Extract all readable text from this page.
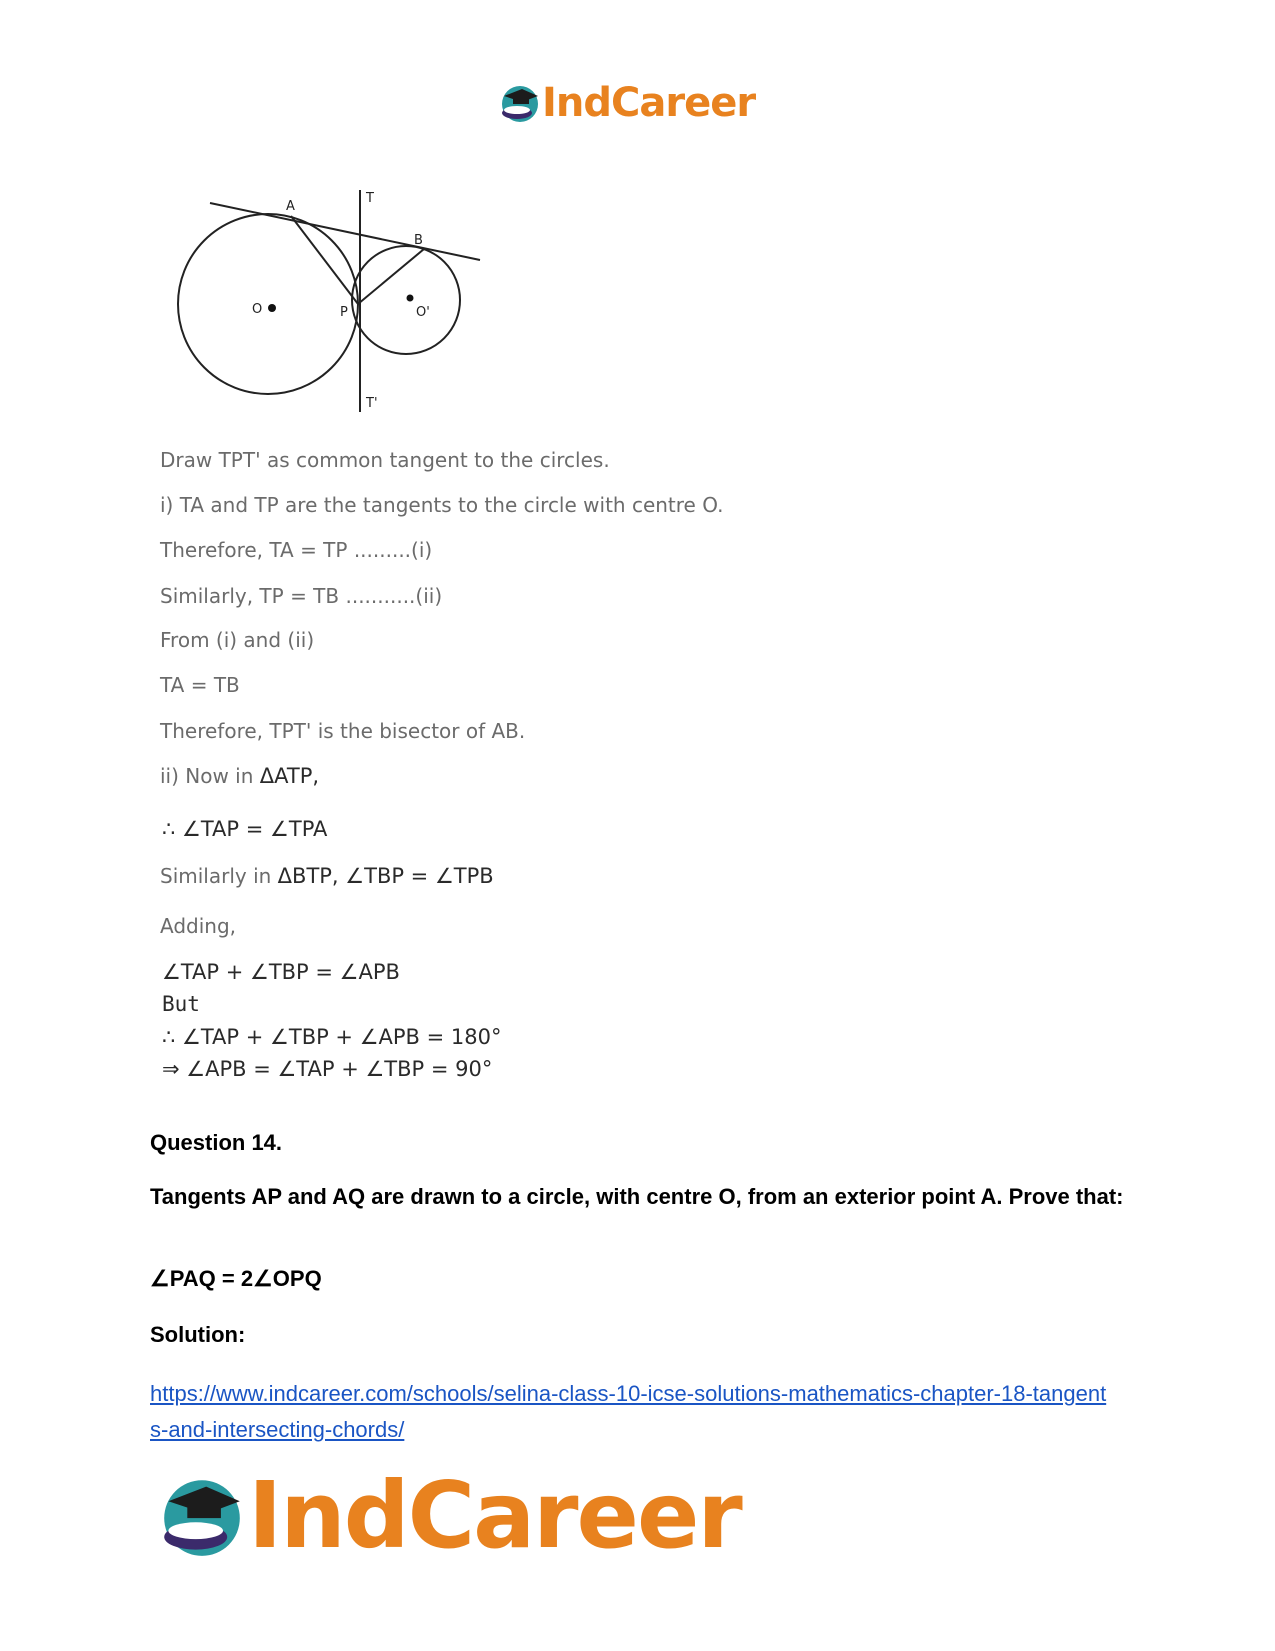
IndCareer
A
B
T
T'
O	O'
P
Draw TPT' as common tangent to the circles.
i) TA and TP are the tangents to the circle with centre O.
Therefore, TA = TP .........(i)
Similarly, TP = TB ...........(ii)
From (i) and (ii)
TA = TB
Therefore, TPT' is the bisector of AB.
ii) Now in ΔATP,
∴ ∠TAP = ∠TPA
Similarly in ΔBTP, ∠TBP = ∠TPB
Adding,
∠TAP + ∠TBP = ∠APB
But
∴ ∠TAP + ∠TBP + ∠APB = 180°
⇒ ∠APB = ∠TAP + ∠TBP = 90°
Question 14.
Tangents AP and AQ are drawn to a circle, with centre O, from an exterior point A. Prove that:
∠PAQ = 2∠OPQ
Solution:
https://www.indcareer.com/schools/selina-class-10-icse-solutions-mathematics-chapter-18-tangents-and-intersecting-chords/
IndCareer
